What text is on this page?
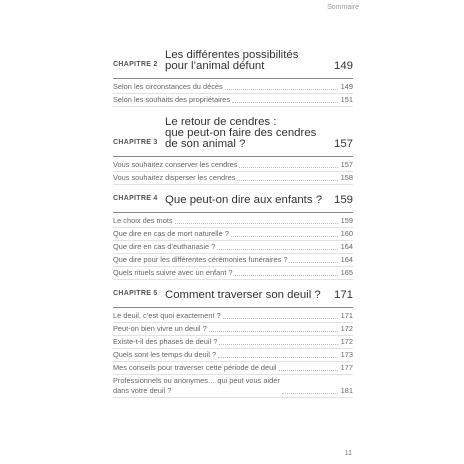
Sommaire
CHAPITRE 2
Les différentes possibilités
pour l’animal défunt	149
Selon les circonstances du décès	149
Selon les souhaits des propriétaires	151
CHAPITRE 3
Le retour de cendres :
que peut-on faire des cendres
de son animal ?	157
Vous souhaitez conserver les cendres	157
Vous souhaitez disperser les cendres	158
CHAPITRE 4 Que peut-on dire aux enfants ? 159
Le choix des mots	159
Que dire en cas de mort naturelle ?	160
Que dire en cas d’euthanasie ?	164
Que dire pour les différentes cérémonies funéraires ?	164
Quels rituels suivre avec un enfant ?	165
CHAPITRE 5 Comment traverser son deuil ? 171
Le deuil, c’est quoi exactement ?	171
Peut-on bien vivre un deuil ?	172
Existe-t-il des phases de deuil ?	172
Quels sont les temps du deuil ?	173
Mes conseils pour traverser cette période de deuil	177
Professionnels ou anonymes… qui peut vous aider
dans votre deuil ?	181
11
